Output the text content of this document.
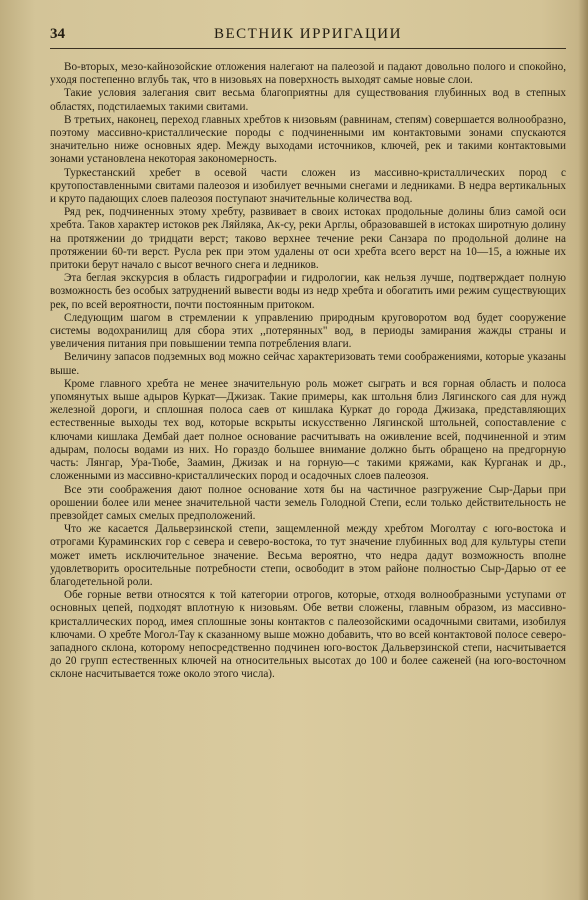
34	ВЕСТНИК ИРРИГАЦИИ

Во-вторых, мезо-кайнозойские отложения налегают на палеозой и падают довольно полого и спокойно, уходя постепенно вглубь так, что в низовьях на поверхность выходят самые новые слои.

Такие условия залегания свит весьма благоприятны для существования глубинных вод в степных областях, подстилаемых такими свитами.

В третьих, наконец, переход главных хребтов к низовьям (равнинам, степям) совершается волнообразно, поэтому массивно-кристаллические породы с подчиненными им контактовыми зонами спускаются значительно ниже основных ядер. Между выходами источников, ключей, рек и такими контактовыми зонами установлена некоторая закономерность.

Туркестанский хребет в осевой части сложен из массивно-кристаллических пород с крутопоставленными свитами палеозоя и изобилует вечными снегами и ледниками. В недра вертикальных и круто падающих слоев палеозоя поступают значительные количества вод.

Ряд рек, подчиненных этому хребту, развивает в своих истоках продольные долины близ самой оси хребта. Таков характер истоков рек Ляйляка, Ак-су, реки Арглы, образовавшей в истоках широтную долину на протяжении до тридцати верст; таково верхнее течение реки Санзара по продольной долине на протяжении 60-ти верст. Русла рек при этом удалены от оси хребта всего верст на 10—15, а южные их притоки берут начало с высот вечного снега и ледников.

Эта беглая экскурсия в область гидрографии и гидрологии, как нельзя лучше, подтверждает полную возможность без особых затруднений вывести воды из недр хребта и обогатить ими режим существующих рек, по всей вероятности, почти постоянным притоком.

Следующим шагом в стремлении к управлению природным круговоротом вод будет сооружение системы водохранилищ для сбора этих ,,потерянных" вод, в периоды замирания жажды страны и увеличения питания при повышении темпа потребления влаги.

Величину запасов подземных вод можно сейчас характеризовать теми соображениями, которые указаны выше.

Кроме главного хребта не менее значительную роль может сыграть и вся горная область и полоса упомянутых выше адыров Куркат—Джизак. Такие примеры, как штольня близ Лягинского сая для нужд железной дороги, и сплошная полоса саев от кишлака Куркат до города Джизакa, представляющих естественные выходы тех вод, которые вскрыты искусственно Лягинской штольней, сопоставление с ключами кишлака Дембай дает полное основание расчитывать на оживление всей, подчиненной и этим адырам, полосы водами из них. Но гораздо большее внимание должно быть обращено на предгорную часть: Лянгар, Ура-Тюбе, Заамин, Джизак и на горную—с такими кряжами, как Курганак и др., сложенными из массивно-кристаллических пород и осадочных слоев палеозоя.

Все эти соображения дают полное основание хотя бы на частичное разгружение Сыр-Дарьи при орошении более или менее значительной части земель Голодной Степи, если только действительность не превзойдет самых смелых предположений.

Что же касается Дальверзинской степи, защемленной между хребтом Моголтау с юго-востока и отрогами Кураминских гор с севера и северо-востока, то тут значение глубинных вод для культуры степи может иметь исключительное значение. Весьма вероятно, что недра дадут возможность вполне удовлетворить оросительные потребности степи, освободит в этом районе полностью Сыр-Дарью от ее благодетельной роли.

Обе горные ветви относятся к той категории отрогов, которые, отходя волнообразными уступами от основных цепей, подходят вплотную к низовьям. Обе ветви сложены, главным образом, из массивно-кристаллических пород, имея сплошные зоны контактов с палеозойскими осадочными свитами, изобилуя ключами. О хребте Могол-Тау к сказанному выше можно добавить, что во всей контактовой полосе северо-западного склона, которому непосредственно подчинен юго-восток Дальверзинской степи, насчитывается до 20 групп естественных ключей на относительных высотах до 100 и более саженей (на юго-восточном склоне насчитывается тоже около этого числа).
